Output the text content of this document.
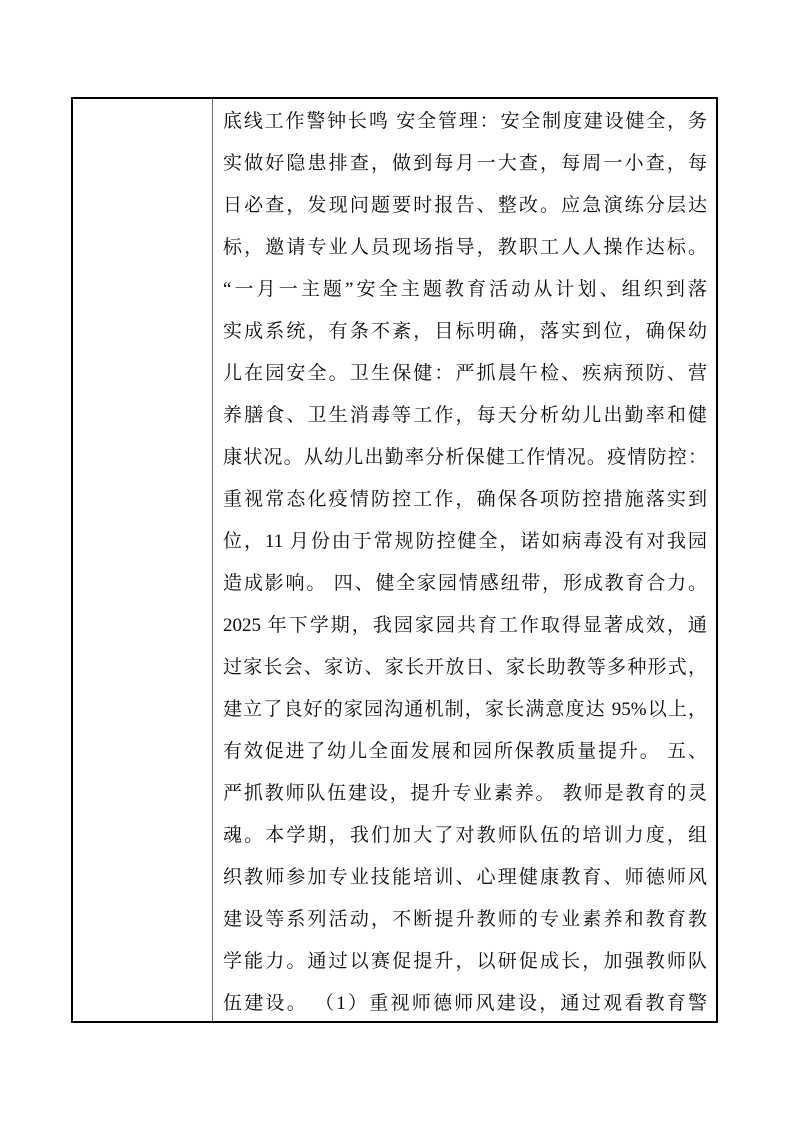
底线工作警钟长鸣 安全管理：安全制度建设健全，务
实做好隐患排查，做到每月一大查，每周一小查，每
日必查，发现问题要时报告、整改。应急演练分层达
标，邀请专业人员现场指导，教职工人人操作达标。
“一月一主题”安全主题教育活动从计划、组织到落
实成系统，有条不紊，目标明确，落实到位，确保幼
儿在园安全。卫生保健：严抓晨午检、疾病预防、营
养膳食、卫生消毒等工作，每天分析幼儿出勤率和健
康状况。从幼儿出勤率分析保健工作情况。疫情防控：
重视常态化疫情防控工作，确保各项防控措施落实到
位，11 月份由于常规防控健全，诺如病毒没有对我园
造成影响。 四、健全家园情感纽带，形成教育合力。
2025 年下学期，我园家园共育工作取得显著成效，通
过家长会、家访、家长开放日、家长助教等多种形式，
建立了良好的家园沟通机制，家长满意度达 95%以上，
有效促进了幼儿全面发展和园所保教质量提升。 五、
严抓教师队伍建设，提升专业素养。 教师是教育的灵
魂。本学期，我们加大了对教师队伍的培训力度，组
织教师参加专业技能培训、心理健康教育、师德师风
建设等系列活动，不断提升教师的专业素养和教育教
学能力。通过以赛促提升，以研促成长，加强教师队
伍建设。 （1）重视师德师风建设，通过观看教育警
